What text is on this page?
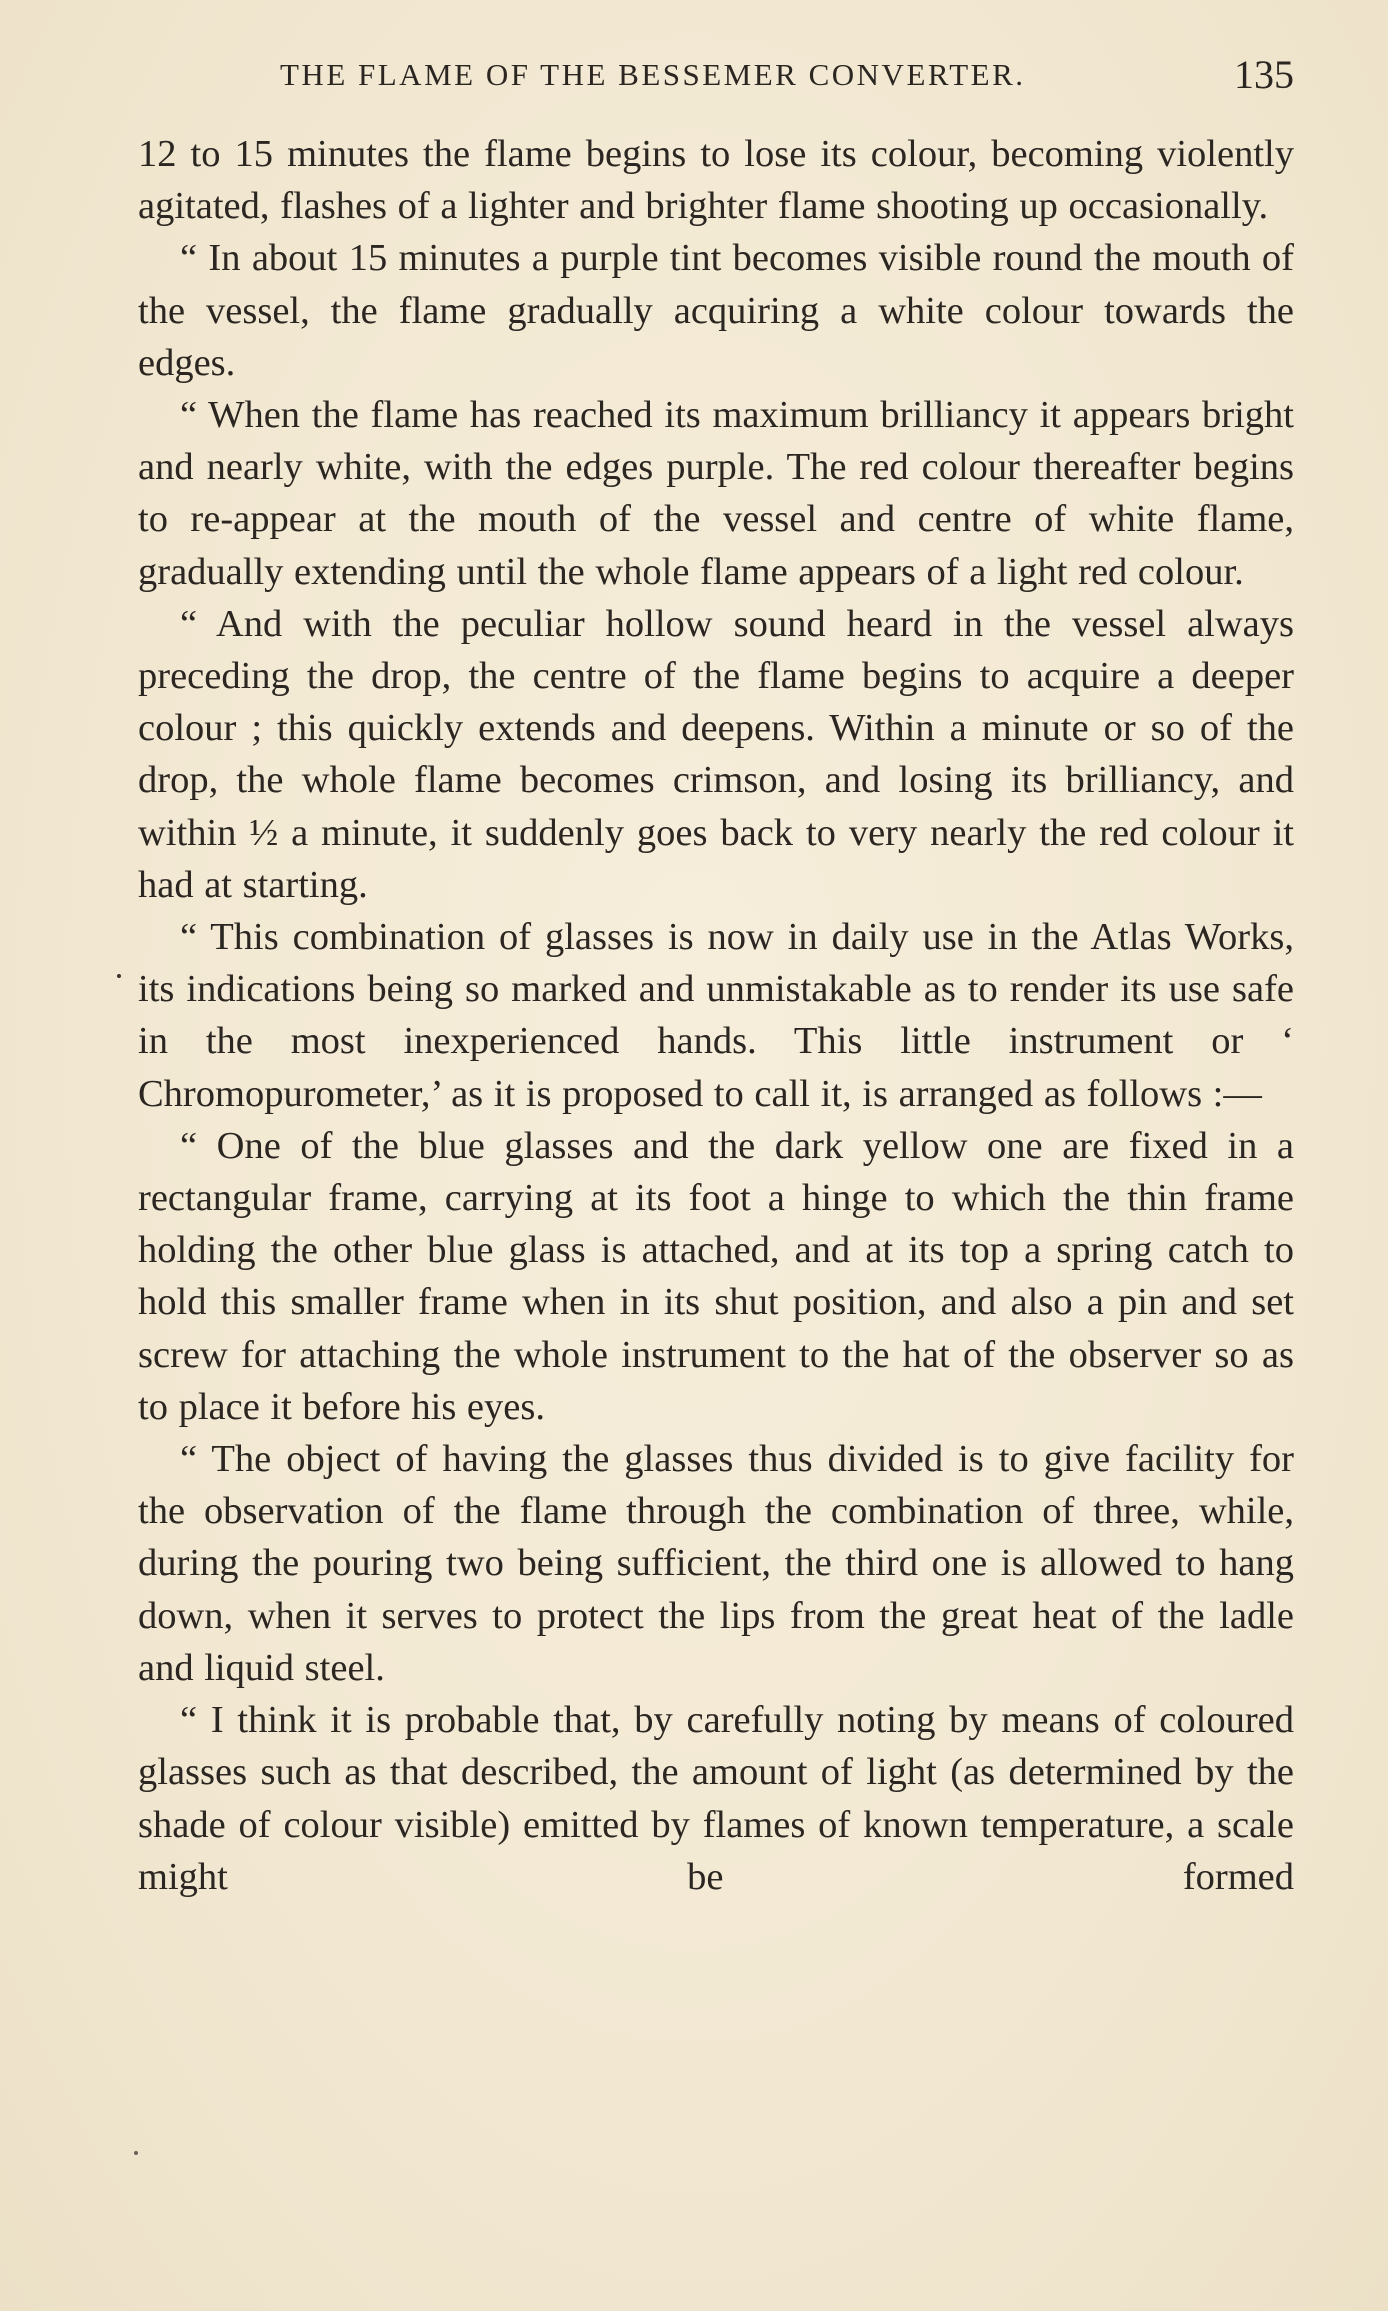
THE FLAME OF THE BESSEMER CONVERTER.	135

12 to 15 minutes the flame begins to lose its colour, becoming violently agitated, flashes of a lighter and brighter flame shooting up occasionally.

“ In about 15 minutes a purple tint becomes visible round the mouth of the vessel, the flame gradually acquiring a white colour towards the edges.

“ When the flame has reached its maximum brilliancy it appears bright and nearly white, with the edges purple. The red colour thereafter begins to re-appear at the mouth of the vessel and centre of white flame, gradually extending until the whole flame appears of a light red colour.

“ And with the peculiar hollow sound heard in the vessel always preceding the drop, the centre of the flame begins to acquire a deeper colour ; this quickly extends and deepens. Within a minute or so of the drop, the whole flame becomes crimson, and losing its brilliancy, and within ½ a minute, it suddenly goes back to very nearly the red colour it had at starting.

“ This combination of glasses is now in daily use in the Atlas Works, its indications being so marked and unmistakable as to render its use safe in the most inexperienced hands. This little instrument or ‘ Chromopurometer,’ as it is proposed to call it, is arranged as follows :—

“ One of the blue glasses and the dark yellow one are fixed in a rectangular frame, carrying at its foot a hinge to which the thin frame holding the other blue glass is attached, and at its top a spring catch to hold this smaller frame when in its shut position, and also a pin and set screw for attaching the whole instrument to the hat of the observer so as to place it before his eyes.

“ The object of having the glasses thus divided is to give facility for the observation of the flame through the combination of three, while, during the pouring two being sufficient, the third one is allowed to hang down, when it serves to protect the lips from the great heat of the ladle and liquid steel.

“ I think it is probable that, by carefully noting by means of coloured glasses such as that described, the amount of light (as determined by the shade of colour visible) emitted by flames of known temperature, a scale might be formed
